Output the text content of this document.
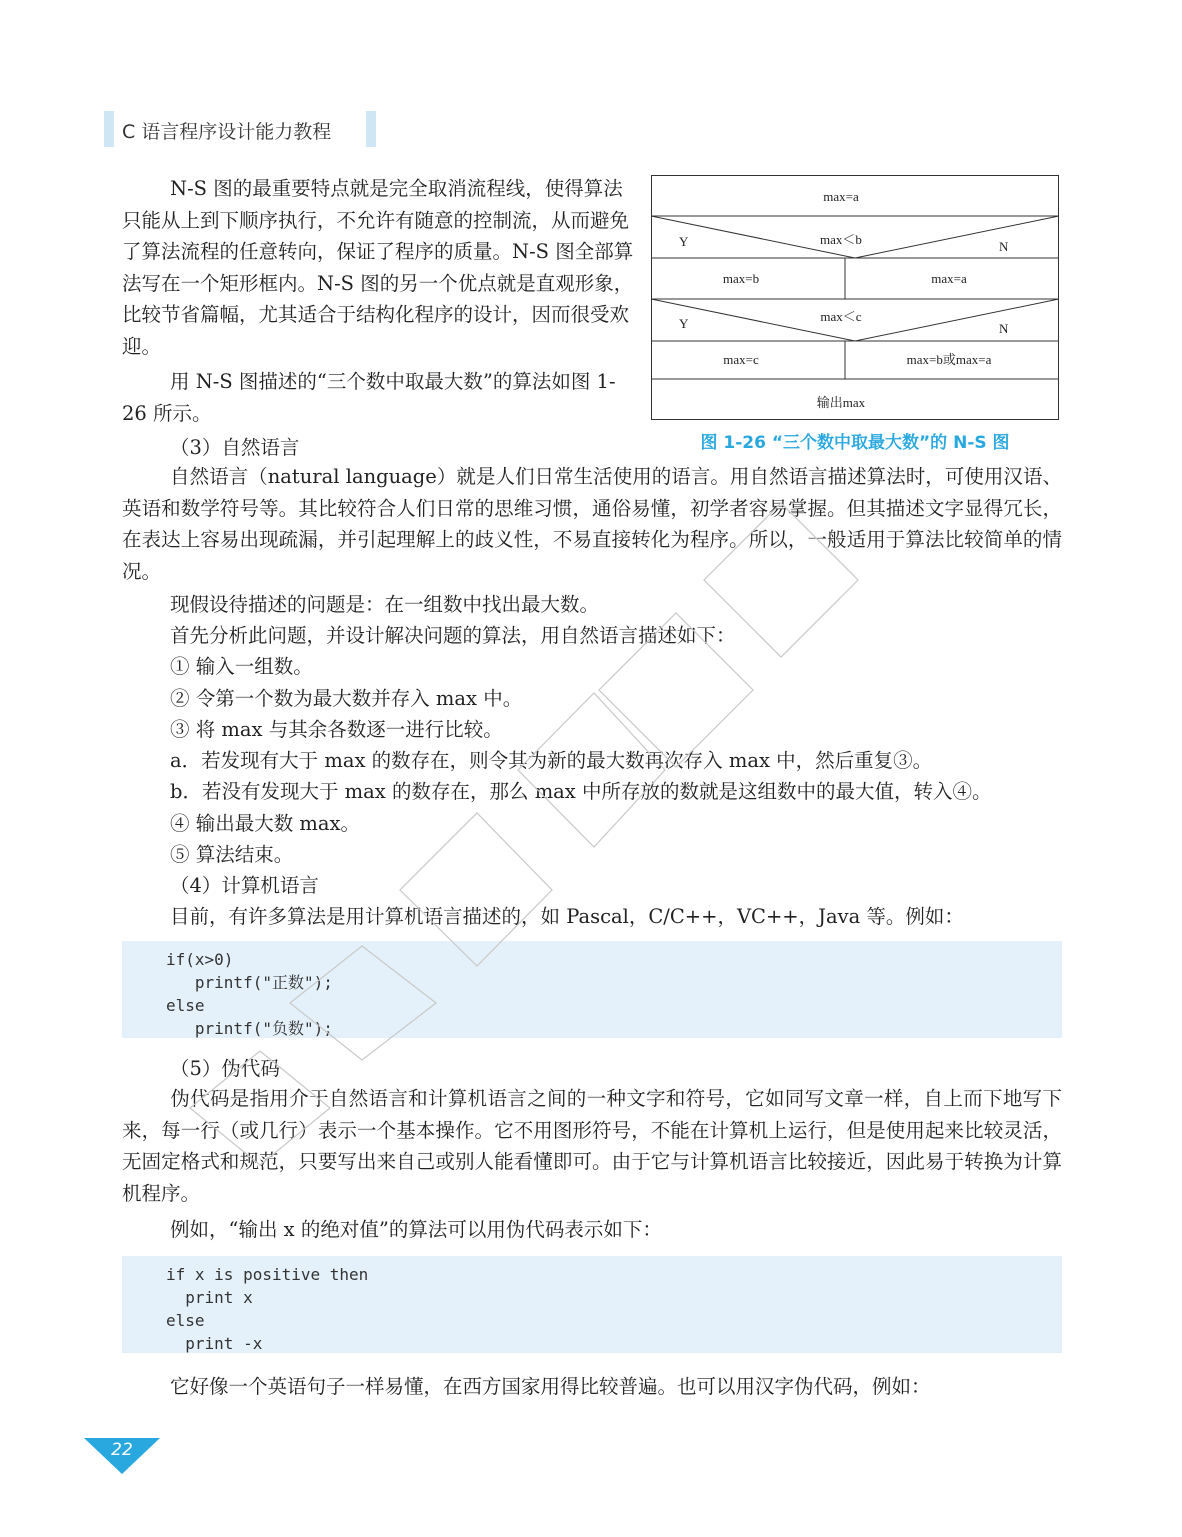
C 语言程序设计能力教程

N-S 图的最重要特点就是完全取消流程线，使得算法只能从上到下顺序执行，不允许有随意的控制流，从而避免了算法流程的任意转向，保证了程序的质量。N-S 图全部算法写在一个矩形框内。N-S 图的另一个优点就是直观形象，比较节省篇幅，尤其适合于结构化程序的设计，因而很受欢迎。

用 N-S 图描述的“三个数中取最大数”的算法如图 1-26 所示。

max=a
max＜b
Y	N
max=b	max=a
max＜c
Y	N
max=c	max=b或max=a
输出max
图 1-26 “三个数中取最大数”的 N-S 图
（3）自然语言

自然语言（natural language）就是人们日常生活使用的语言。用自然语言描述算法时，可使用汉语、英语和数学符号等。其比较符合人们日常的思维习惯，通俗易懂，初学者容易掌握。但其描述文字显得冗长，在表达上容易出现疏漏，并引起理解上的歧义性，不易直接转化为程序。所以，一般适用于算法比较简单的情况。

现假设待描述的问题是：在一组数中找出最大数。
首先分析此问题，并设计解决问题的算法，用自然语言描述如下：
① 输入一组数。
② 令第一个数为最大数并存入 max 中。
③ 将 max 与其余各数逐一进行比较。
a．若发现有大于 max 的数存在，则令其为新的最大数再次存入 max 中，然后重复③。
b．若没有发现大于 max 的数存在，那么 max 中所存放的数就是这组数中的最大值，转入④。
④ 输出最大数 max。
⑤ 算法结束。
（4）计算机语言
目前，有许多算法是用计算机语言描述的，如 Pascal，C/C++，VC++，Java 等。例如：
if(x>0)
printf("正数");
else
printf("负数");
（5）伪代码

伪代码是指用介于自然语言和计算机语言之间的一种文字和符号，它如同写文章一样，自上而下地写下来，每一行（或几行）表示一个基本操作。它不用图形符号，不能在计算机上运行，但是使用起来比较灵活，无固定格式和规范，只要写出来自己或别人能看懂即可。由于它与计算机语言比较接近，因此易于转换为计算机程序。

例如，“输出 x 的绝对值”的算法可以用伪代码表示如下：
if x is positive then
print x
else
print -x
它好像一个英语句子一样易懂，在西方国家用得比较普遍。也可以用汉字伪代码，例如：
22
